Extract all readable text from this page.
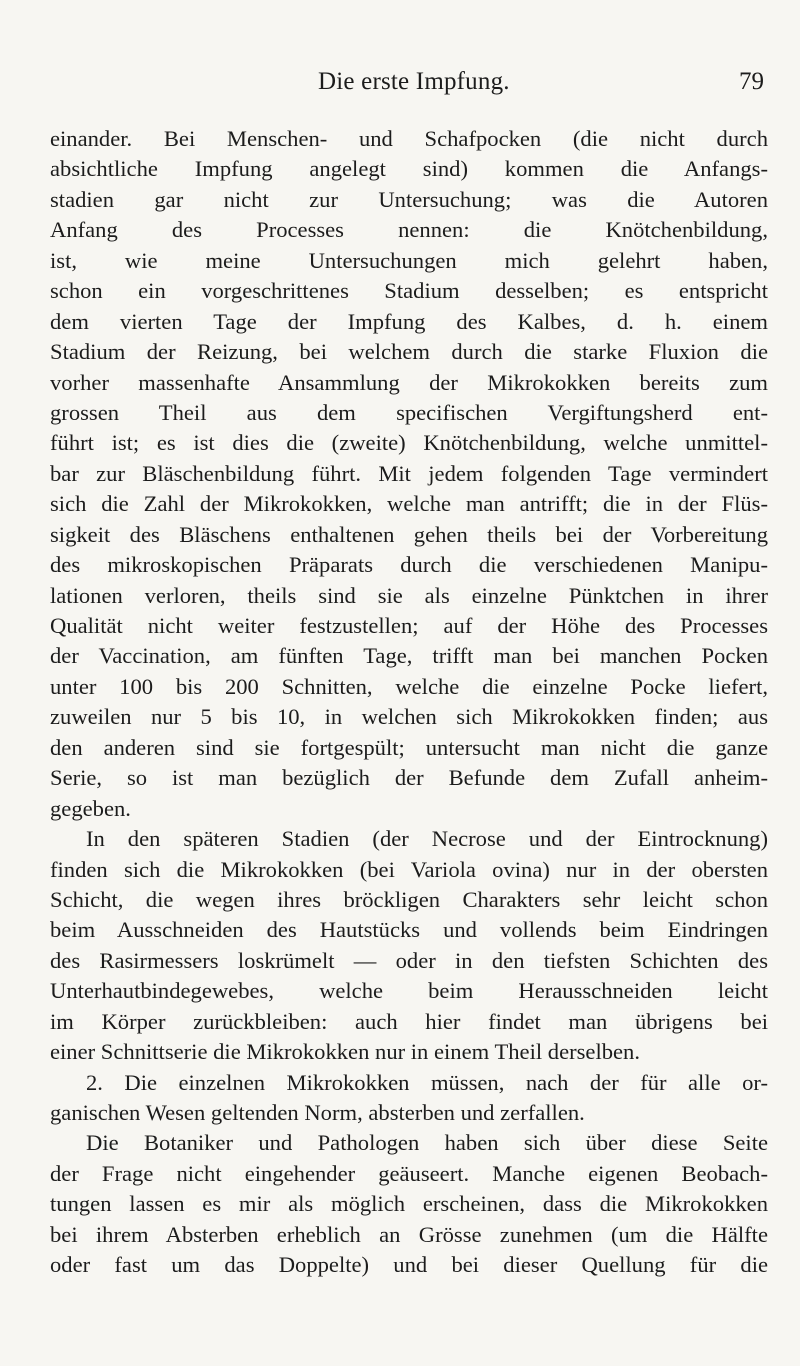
Die erste Impfung.	79
einander. Bei Menschen- und Schafpocken (die nicht durch
absichtliche Impfung angelegt sind) kommen die Anfangs-
stadien gar nicht zur Untersuchung; was die Autoren
Anfang des Processes nennen: die Knötchenbildung,
ist, wie meine Untersuchungen mich gelehrt haben,
schon ein vorgeschrittenes Stadium desselben; es entspricht
dem vierten Tage der Impfung des Kalbes, d. h. einem
Stadium der Reizung, bei welchem durch die starke Fluxion die
vorher massenhafte Ansammlung der Mikrokokken bereits zum
grossen Theil aus dem specifischen Vergiftungsherd ent-
führt ist; es ist dies die (zweite) Knötchenbildung, welche unmittel-
bar zur Bläschenbildung führt. Mit jedem folgenden Tage vermindert
sich die Zahl der Mikrokokken, welche man antrifft; die in der Flüs-
sigkeit des Bläschens enthaltenen gehen theils bei der Vorbereitung
des mikroskopischen Präparats durch die verschiedenen Manipu-
lationen verloren, theils sind sie als einzelne Pünktchen in ihrer
Qualität nicht weiter festzustellen; auf der Höhe des Processes
der Vaccination, am fünften Tage, trifft man bei manchen Pocken
unter 100 bis 200 Schnitten, welche die einzelne Pocke liefert,
zuweilen nur 5 bis 10, in welchen sich Mikrokokken finden; aus
den anderen sind sie fortgespült; untersucht man nicht die ganze
Serie, so ist man bezüglich der Befunde dem Zufall anheim-
gegeben.
In den späteren Stadien (der Necrose und der Eintrocknung)
finden sich die Mikrokokken (bei Variola ovina) nur in der obersten
Schicht, die wegen ihres bröckligen Charakters sehr leicht schon
beim Ausschneiden des Hautstücks und vollends beim Eindringen
des Rasirmessers loskrümelt — oder in den tiefsten Schichten des
Unterhautbindegewebes, welche beim Herausschneiden leicht
im Körper zurückbleiben: auch hier findet man übrigens bei
einer Schnittserie die Mikrokokken nur in einem Theil derselben.
2. Die einzelnen Mikrokokken müssen, nach der für alle or-
ganischen Wesen geltenden Norm, absterben und zerfallen.
Die Botaniker und Pathologen haben sich über diese Seite
der Frage nicht eingehender geäuseert. Manche eigenen Beobach-
tungen lassen es mir als möglich erscheinen, dass die Mikrokokken
bei ihrem Absterben erheblich an Grösse zunehmen (um die Hälfte
oder fast um das Doppelte) und bei dieser Quellung für die
